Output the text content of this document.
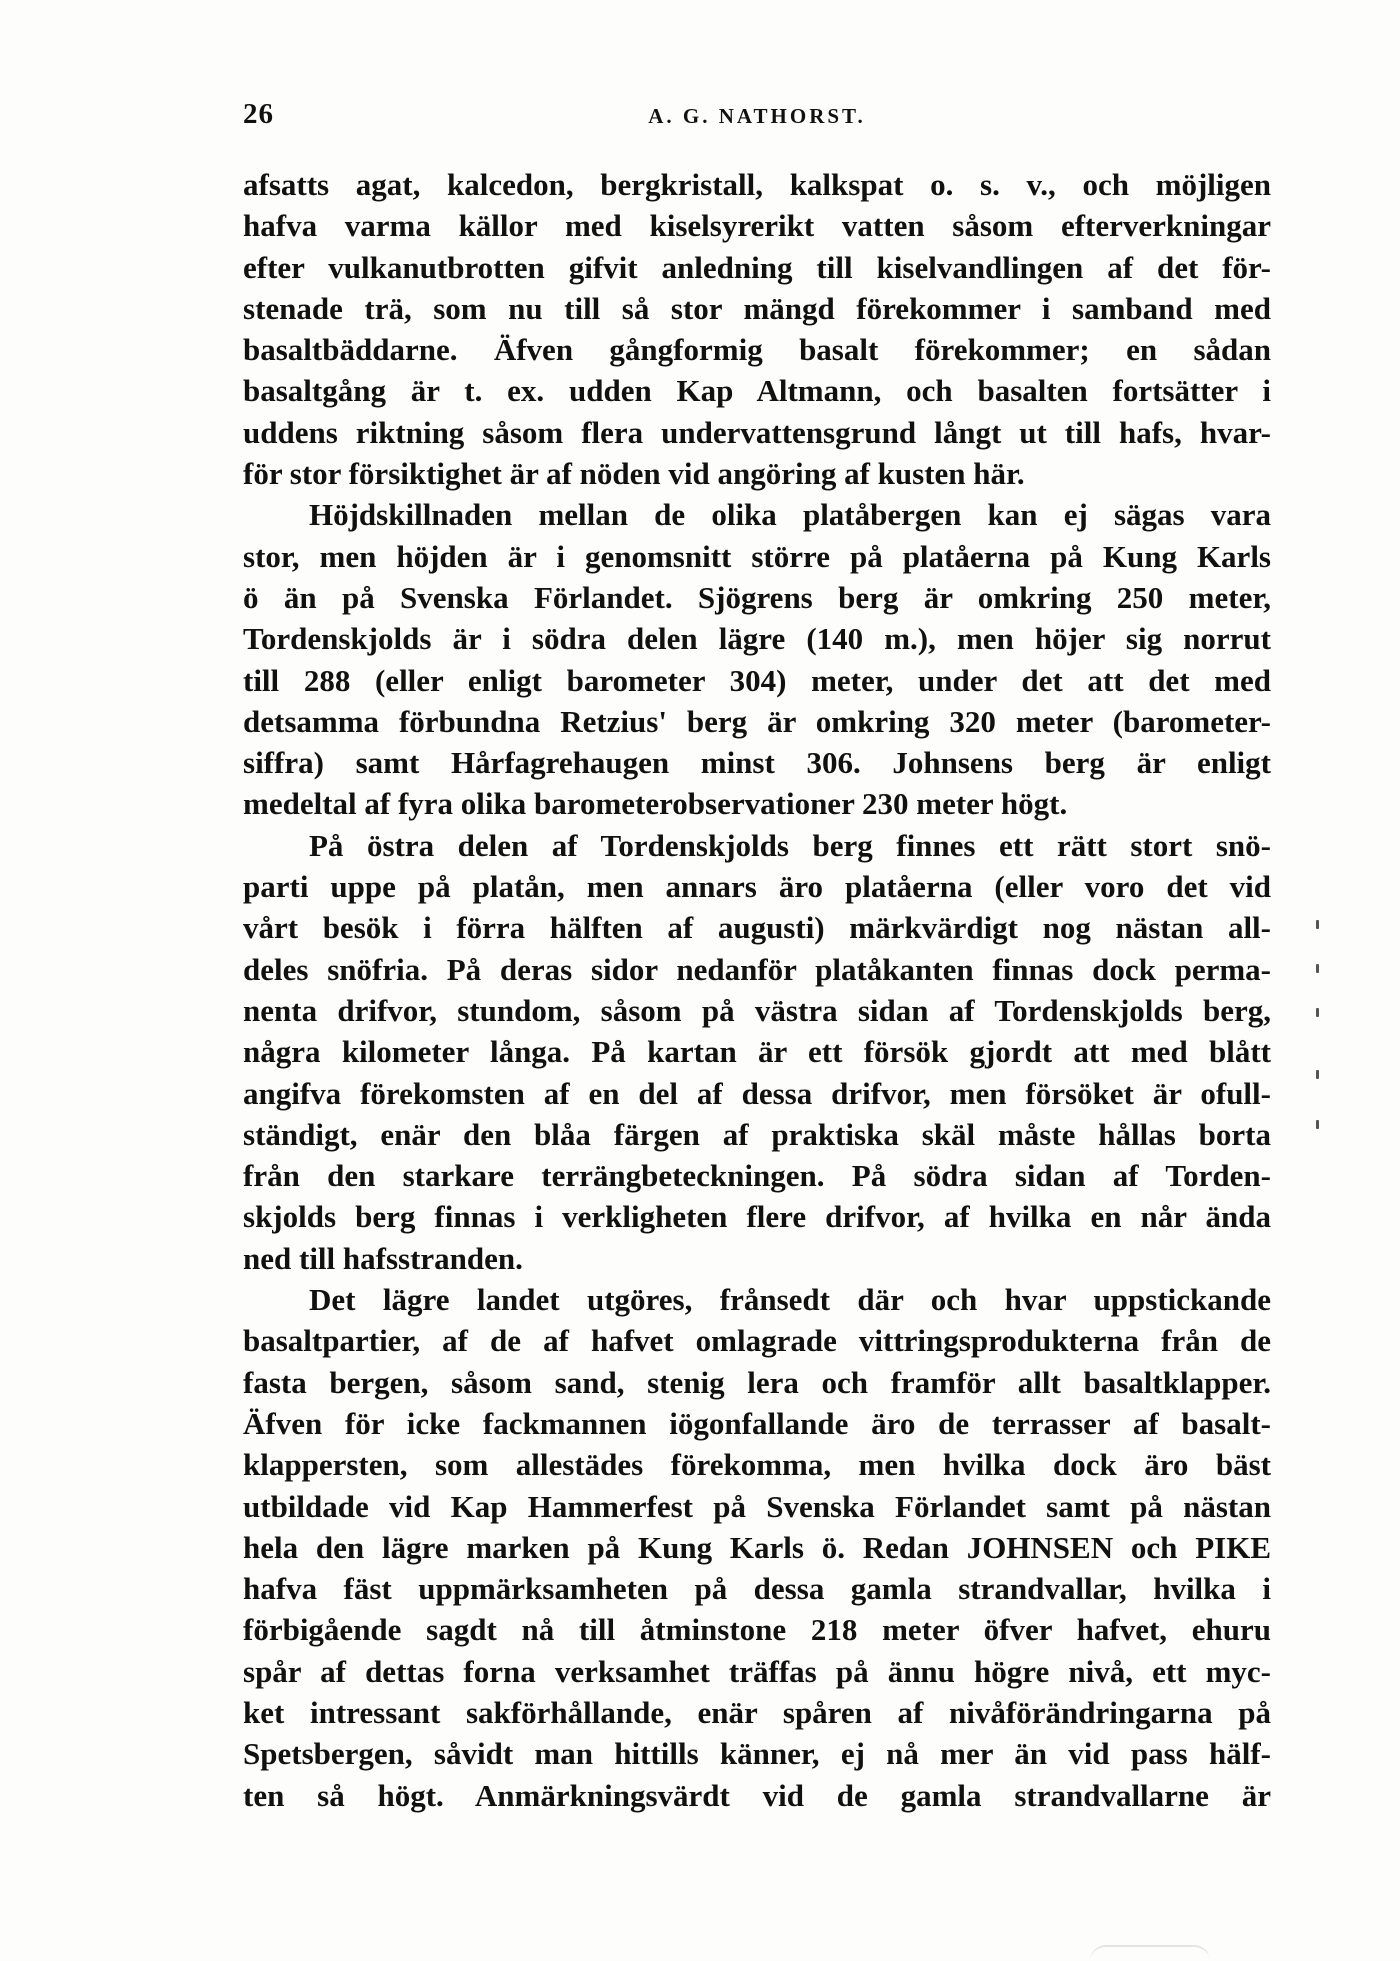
26	A. G. NATHORST.
afsatts agat, kalcedon, bergkristall, kalkspat o. s. v., och möjligen
hafva varma källor med kiselsyrerikt vatten såsom efterverkningar
efter vulkanutbrotten gifvit anledning till kiselvandlingen af det för-
stenade trä, som nu till så stor mängd förekommer i samband med
basaltbäddarne. Äfven gångformig basalt förekommer; en sådan
basaltgång är t. ex. udden Kap Altmann, och basalten fortsätter i
uddens riktning såsom flera undervattensgrund långt ut till hafs, hvar-
för stor försiktighet är af nöden vid angöring af kusten här.
Höjdskillnaden mellan de olika platåbergen kan ej sägas vara
stor, men höjden är i genomsnitt större på platåerna på Kung Karls
ö än på Svenska Förlandet. Sjögrens berg är omkring 250 meter,
Tordenskjolds är i södra delen lägre (140 m.), men höjer sig norrut
till 288 (eller enligt barometer 304) meter, under det att det med
detsamma förbundna Retzius' berg är omkring 320 meter (barometer-
siffra) samt Hårfagrehaugen minst 306. Johnsens berg är enligt
medeltal af fyra olika barometerobservationer 230 meter högt.
På östra delen af Tordenskjolds berg finnes ett rätt stort snö-
parti uppe på platån, men annars äro platåerna (eller voro det vid
vårt besök i förra hälften af augusti) märkvärdigt nog nästan all-
deles snöfria. På deras sidor nedanför platåkanten finnas dock perma-
nenta drifvor, stundom, såsom på västra sidan af Tordenskjolds berg,
några kilometer långa. På kartan är ett försök gjordt att med blått
angifva förekomsten af en del af dessa drifvor, men försöket är ofull-
ständigt, enär den blåa färgen af praktiska skäl måste hållas borta
från den starkare terrängbeteckningen. På södra sidan af Torden-
skjolds berg finnas i verkligheten flere drifvor, af hvilka en når ända
ned till hafsstranden.
Det lägre landet utgöres, frånsedt där och hvar uppstickande
basaltpartier, af de af hafvet omlagrade vittringsprodukterna från de
fasta bergen, såsom sand, stenig lera och framför allt basaltklapper.
Äfven för icke fackmannen iögonfallande äro de terrasser af basalt-
klappersten, som allestädes förekomma, men hvilka dock äro bäst
utbildade vid Kap Hammerfest på Svenska Förlandet samt på nästan
hela den lägre marken på Kung Karls ö. Redan JOHNSEN och PIKE
hafva fäst uppmärksamheten på dessa gamla strandvallar, hvilka i
förbigående sagdt nå till åtminstone 218 meter öfver hafvet, ehuru
spår af dettas forna verksamhet träffas på ännu högre nivå, ett myc-
ket intressant sakförhållande, enär spåren af nivåförändringarna på
Spetsbergen, såvidt man hittills känner, ej nå mer än vid pass hälf-
ten så högt. Anmärkningsvärdt vid de gamla strandvallarne är
